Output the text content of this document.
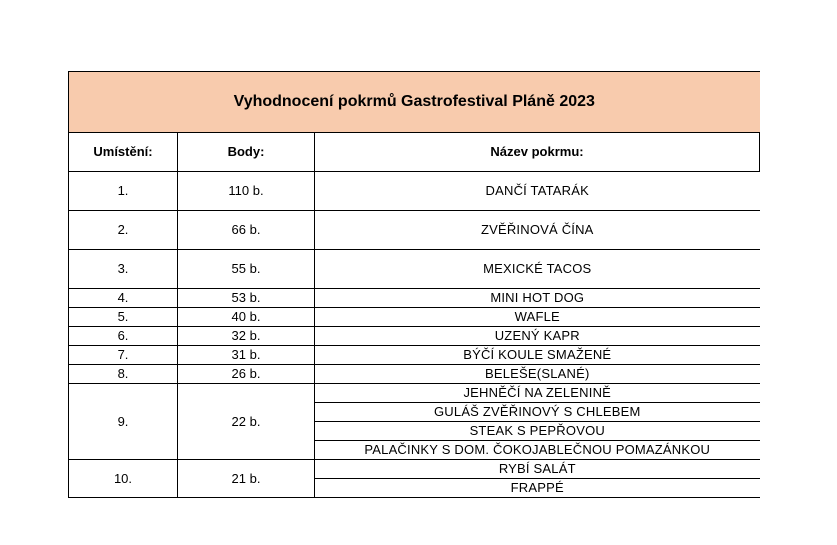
Vyhodnocení pokrmů Gastrofestival Pláně 2023		
Umístění:	Body:	Název pokrmu:
1.	110 b.	DANČÍ TATARÁK
2.	66 b.	ZVĚŘINOVÁ ČÍNA
3.	55 b.	MEXICKÉ TACOS
4.	53 b.	MINI HOT DOG
5.	40 b.	WAFLE
6.	32 b.	UZENÝ KAPR
7.	31 b.	BÝČÍ KOULE SMAŽENÉ
8.	26 b.	BELEŠE(SLANÉ)
9.	22 b.	JEHNĚČÍ NA ZELENINĚ
		GULÁŠ ZVĚŘINOVÝ S CHLEBEM
		STEAK S PEPŘOVOU
		PALAČINKY S DOM. ČOKOJABLEČNOU POMAZÁNKOU
10.	21 b.	RYBÍ SALÁT
		FRAPPÉ
